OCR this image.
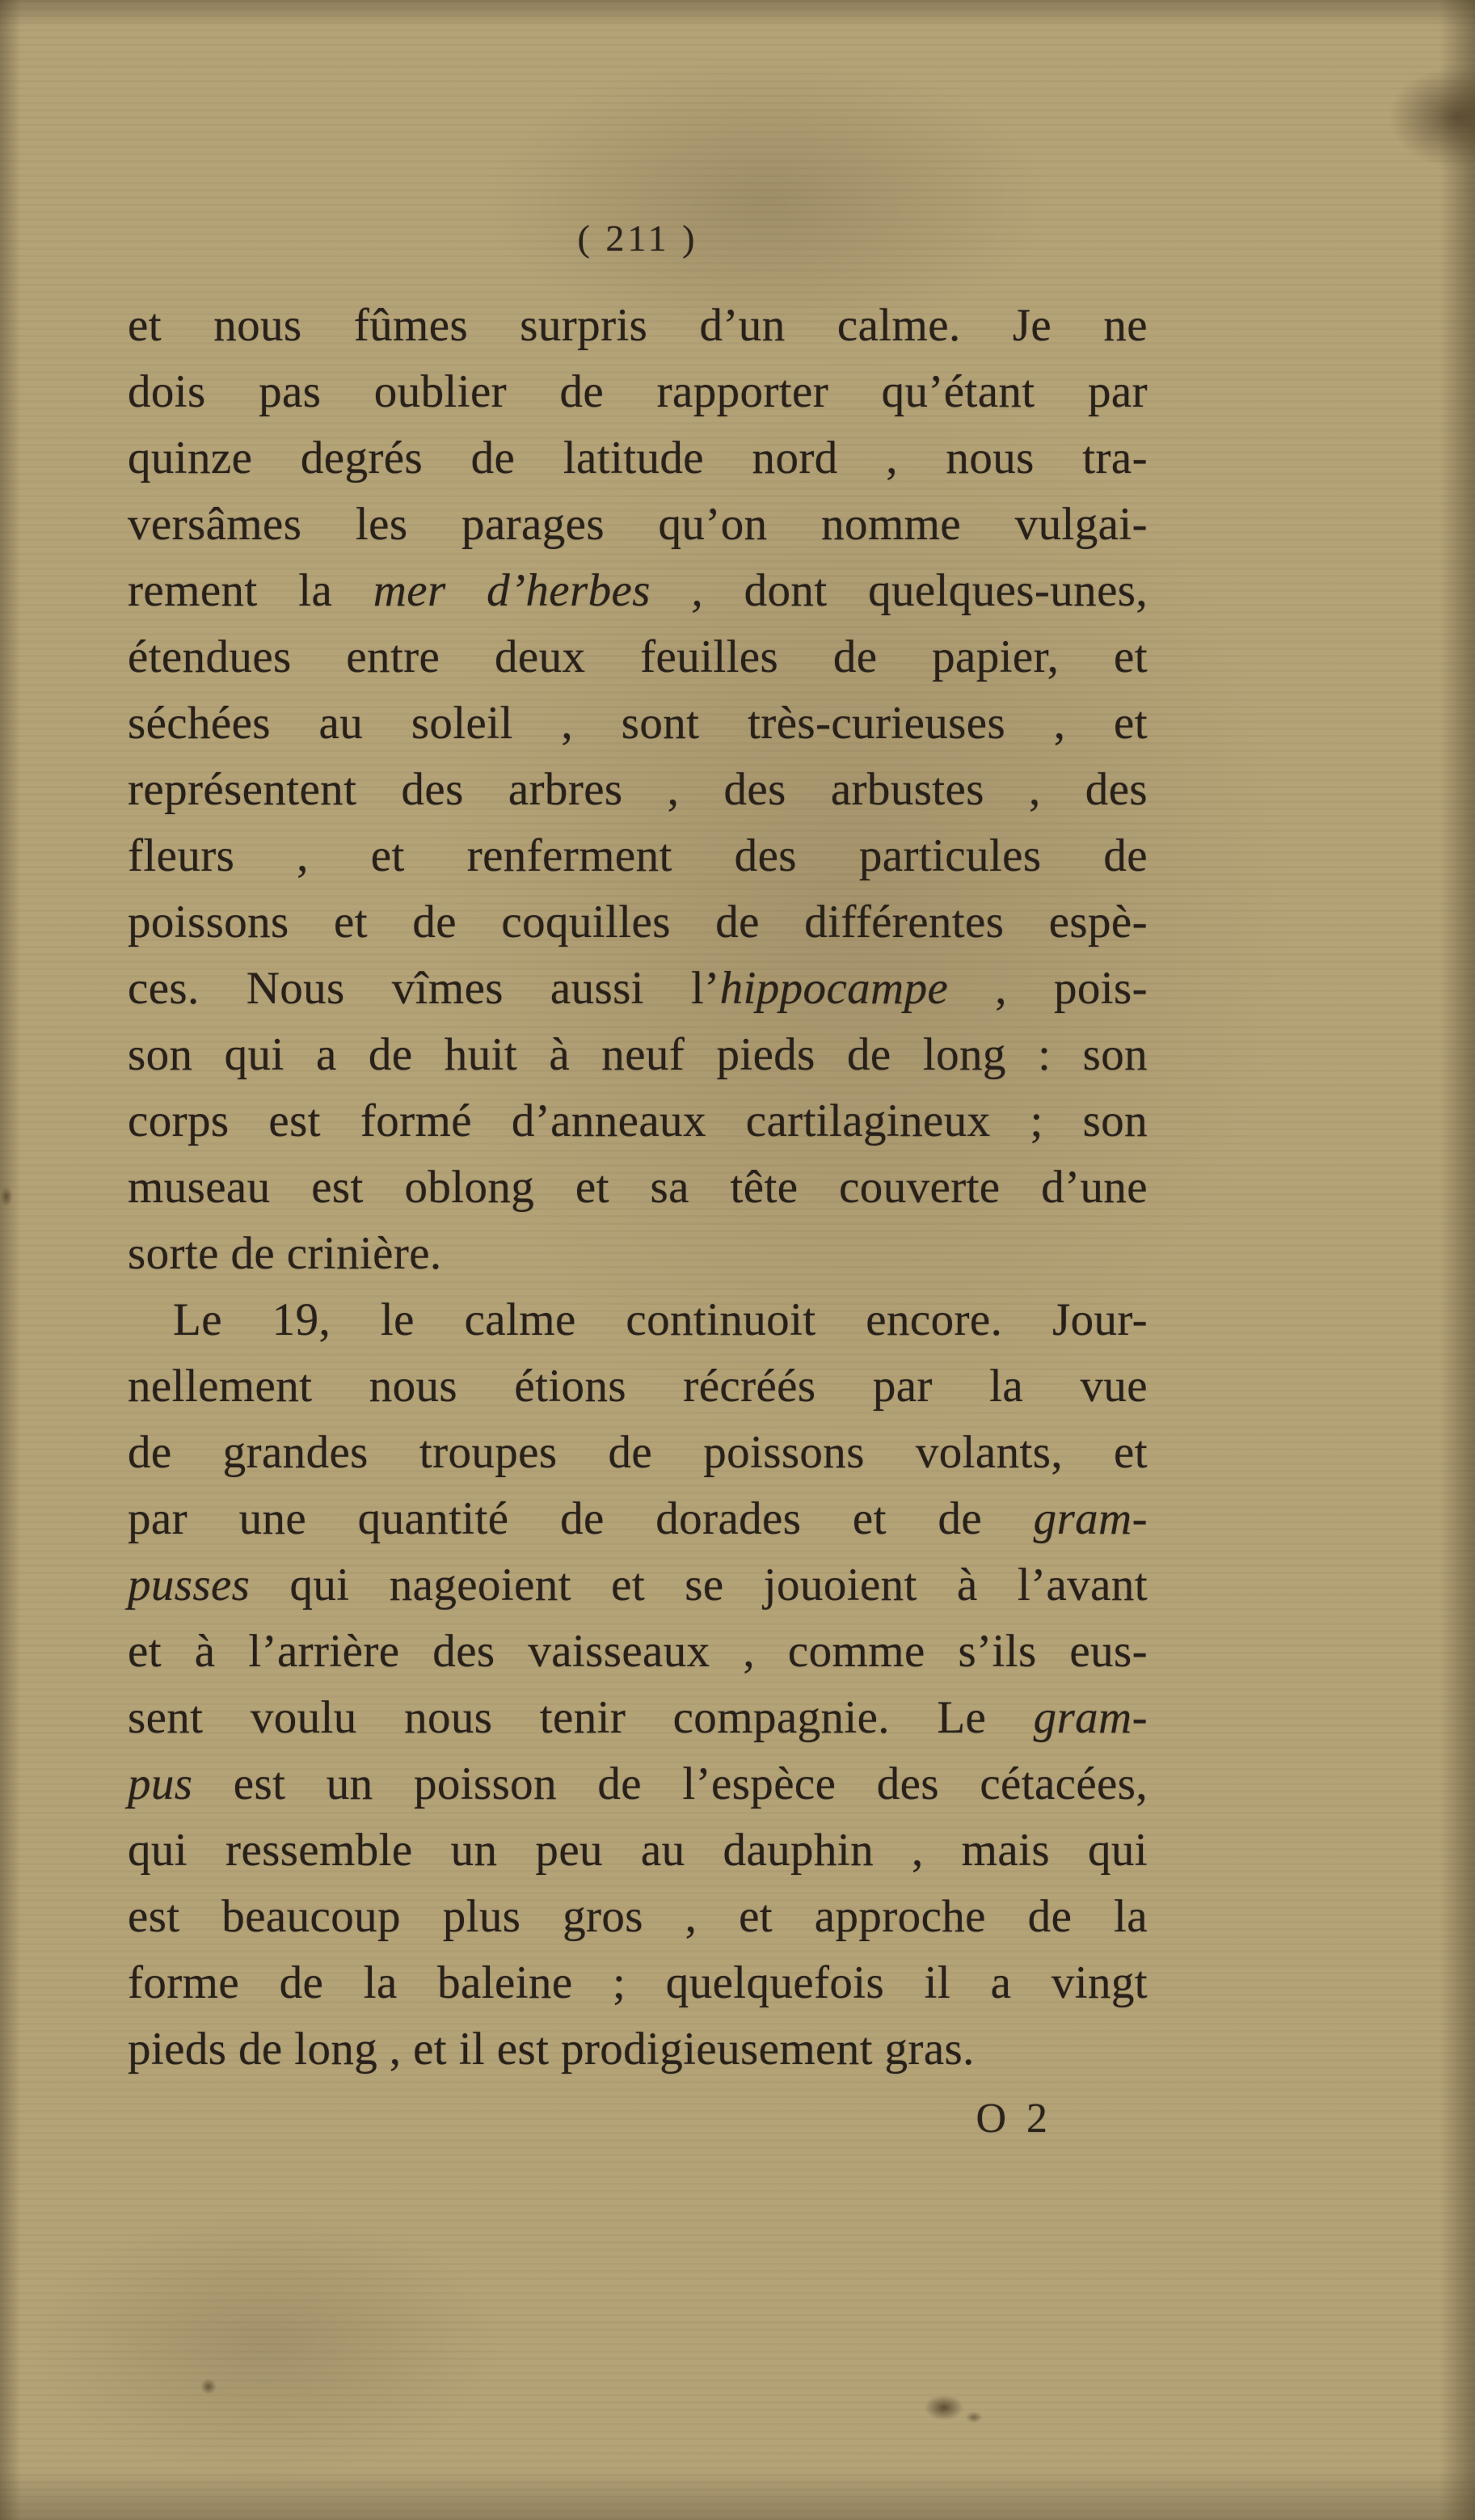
( 211 )
et nous fûmes surpris d’un calme. Je ne
dois pas oublier de rapporter qu’étant par
quinze degrés de latitude nord , nous tra-
versâmes les parages qu’on nomme vulgai-
rement la mer d’herbes , dont quelques-unes,
étendues entre deux feuilles de papier, et
séchées au soleil , sont très-curieuses , et
représentent des arbres , des arbustes , des
fleurs , et renferment des particules de
poissons et de coquilles de différentes espè-
ces. Nous vîmes aussi l’hippocampe , pois-
son qui a de huit à neuf pieds de long : son
corps est formé d’anneaux cartilagineux ; son
museau est oblong et sa tête couverte d’une
sorte de crinière.
Le 19, le calme continuoit encore. Jour-
nellement nous étions récréés par la vue
de grandes troupes de poissons volants, et
par une quantité de dorades et de gram-
pusses qui nageoient et se jouoient à l’avant
et à l’arrière des vaisseaux , comme s’ils eus-
sent voulu nous tenir compagnie. Le gram-
pus est un poisson de l’espèce des cétacées,
qui ressemble un peu au dauphin , mais qui
est beaucoup plus gros , et approche de la
forme de la baleine ; quelquefois il a vingt
pieds de long , et il est prodigieusement gras.
O 2
